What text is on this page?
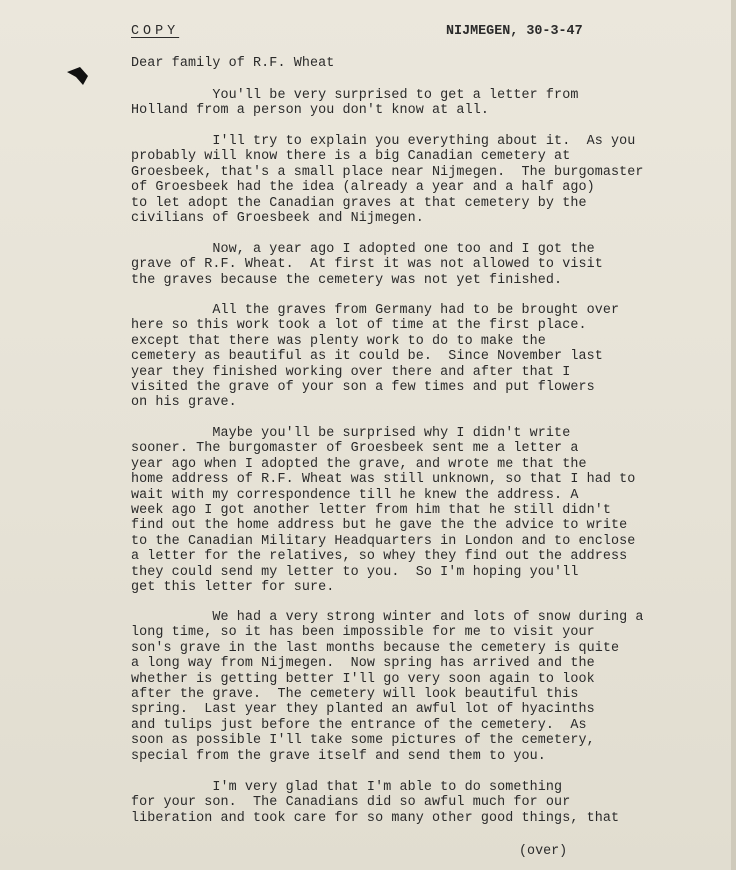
COPY	NIJMEGEN, 30-3-47
Dear family of R.F. Wheat
You'll be very surprised to get a letter from
Holland from a person you don't know at all.
I'll try to explain you everything about it.  As you
probably will know there is a big Canadian cemetery at
Groesbeek, that's a small place near Nijmegen.  The burgomaster
of Groesbeek had the idea (already a year and a half ago)
to let adopt the Canadian graves at that cemetery by the
civilians of Groesbeek and Nijmegen.
Now, a year ago I adopted one too and I got the
grave of R.F. Wheat.  At first it was not allowed to visit
the graves because the cemetery was not yet finished.
All the graves from Germany had to be brought over
here so this work took a lot of time at the first place.
except that there was plenty work to do to make the
cemetery as beautiful as it could be.  Since November last
year they finished working over there and after that I
visited the grave of your son a few times and put flowers
on his grave.
Maybe you'll be surprised why I didn't write
sooner. The burgomaster of Groesbeek sent me a letter a
year ago when I adopted the grave, and wrote me that the
home address of R.F. Wheat was still unknown, so that I had to
wait with my correspondence till he knew the address. A
week ago I got another letter from him that he still didn't
find out the home address but he gave the the advice to write
to the Canadian Military Headquarters in London and to enclose
a letter for the relatives, so whey they find out the address
they could send my letter to you.  So I'm hoping you'll
get this letter for sure.
We had a very strong winter and lots of snow during a
long time, so it has been impossible for me to visit your
son's grave in the last months because the cemetery is quite
a long way from Nijmegen.  Now spring has arrived and the
whether is getting better I'll go very soon again to look
after the grave.  The cemetery will look beautiful this
spring.  Last year they planted an awful lot of hyacinths
and tulips just before the entrance of the cemetery.  As
soon as possible I'll take some pictures of the cemetery,
special from the grave itself and send them to you.
I'm very glad that I'm able to do something
for your son.  The Canadians did so awful much for our
liberation and took care for so many other good things, that
(over)
